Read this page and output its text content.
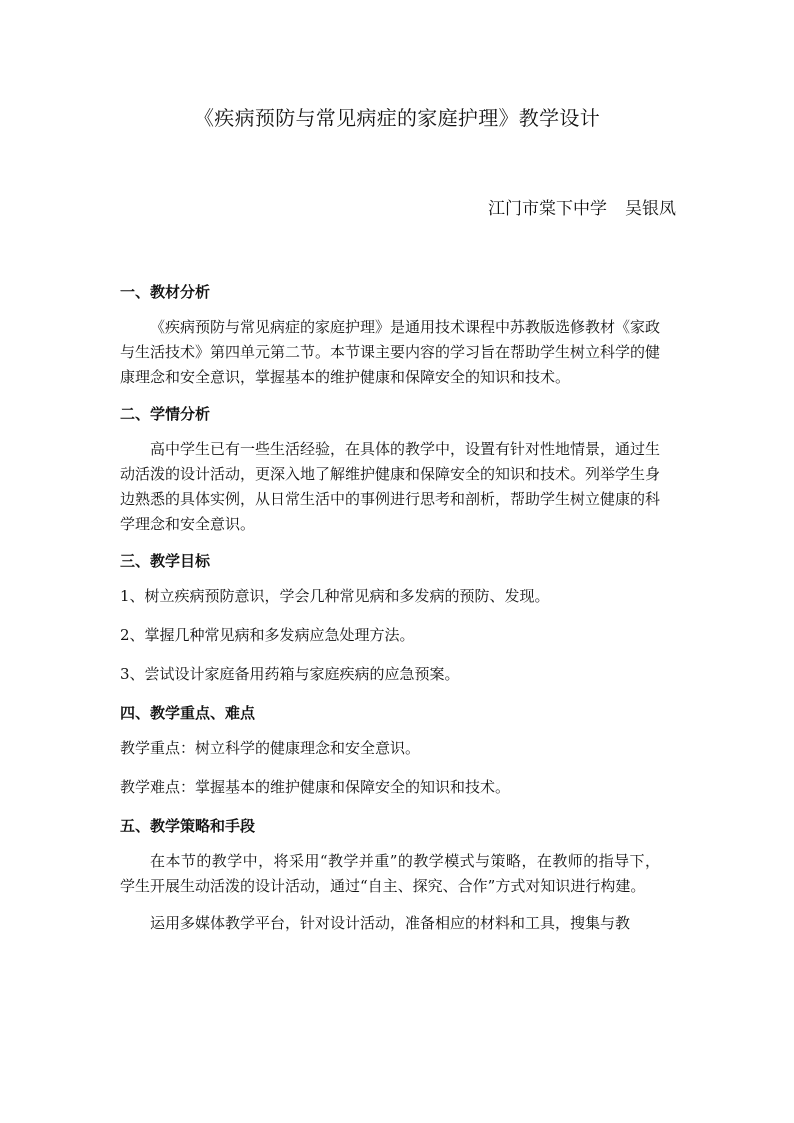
《疾病预防与常见病症的家庭护理》教学设计
江门市棠下中学 吴银凤
一、教材分析
《疾病预防与常见病症的家庭护理》是通用技术课程中苏教版选修教材《家政与生活技术》第四单元第二节。本节课主要内容的学习旨在帮助学生树立科学的健康理念和安全意识，掌握基本的维护健康和保障安全的知识和技术。
二、学情分析
高中学生已有一些生活经验，在具体的教学中，设置有针对性地情景，通过生动活泼的设计活动，更深入地了解维护健康和保障安全的知识和技术。列举学生身边熟悉的具体实例，从日常生活中的事例进行思考和剖析，帮助学生树立健康的科学理念和安全意识。
三、教学目标
1、树立疾病预防意识，学会几种常见病和多发病的预防、发现。
2、掌握几种常见病和多发病应急处理方法。
3、尝试设计家庭备用药箱与家庭疾病的应急预案。
四、教学重点、难点
教学重点：树立科学的健康理念和安全意识。
教学难点：掌握基本的维护健康和保障安全的知识和技术。
五、教学策略和手段
在本节的教学中，将采用“教学并重”的教学模式与策略，在教师的指导下，学生开展生动活泼的设计活动，通过“自主、探究、合作”方式对知识进行构建。
运用多媒体教学平台，针对设计活动，准备相应的材料和工具，搜集与教
